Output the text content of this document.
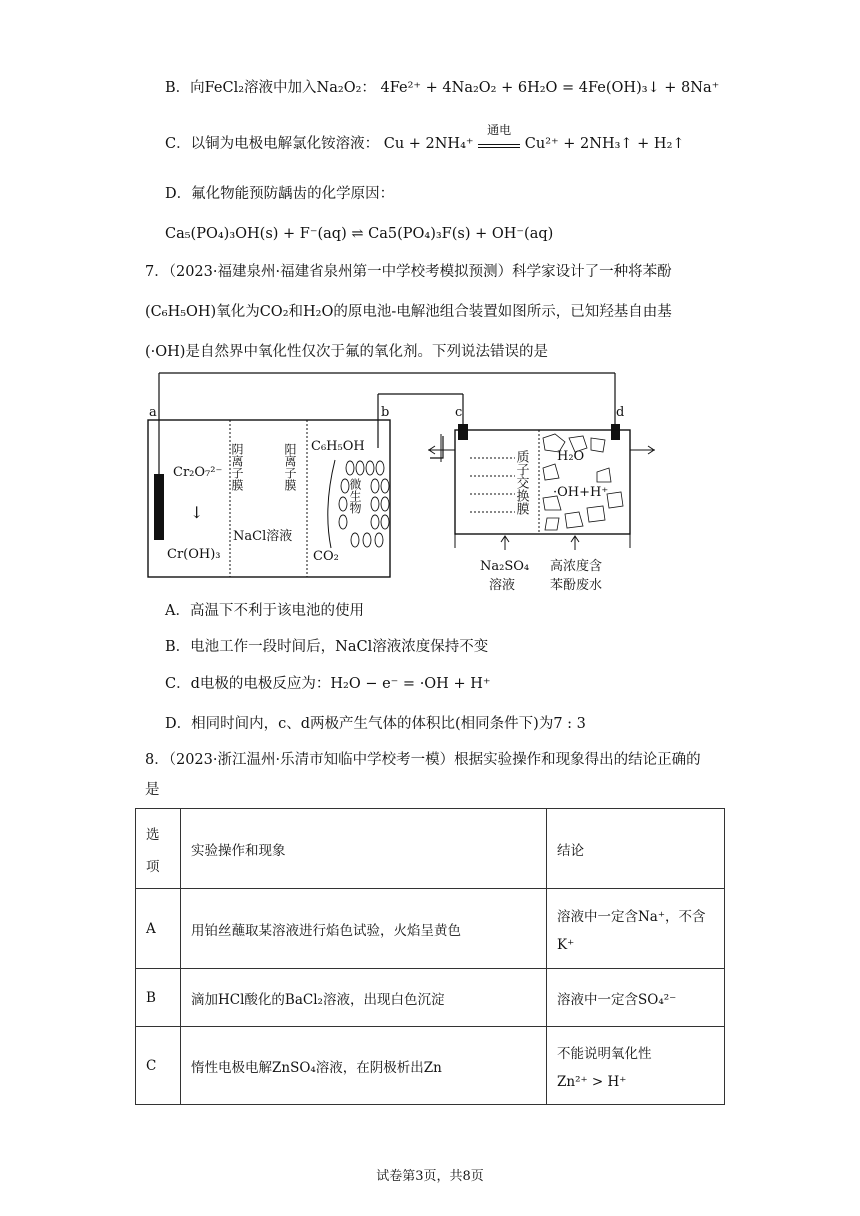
B．向FeCl₂溶液中加入Na₂O₂： 4Fe²⁺ + 4Na₂O₂ + 6H₂O = 4Fe(OH)₃↓ + 8Na⁺
C．以铜为电极电解氯化铵溶液： Cu + 2NH₄⁺
通电
Cu²⁺ + 2NH₃↑ + H₂↑
D．氟化物能预防龋齿的化学原因：
Ca₅(PO₄)₃OH(s) + F⁻(aq) ⇌ Ca5(PO₄)₃F(s) + OH⁻(aq)
7．（2023·福建泉州·福建省泉州第一中学校考模拟预测）科学家设计了一种将苯酚
(C₆H₅OH)氧化为CO₂和H₂O的原电池-电解池组合装置如图所示，已知羟基自由基
(·OH)是自然界中氧化性仅次于氟的氧化剂。下列说法错误的是
a	b
Cr₂O₇²⁻
↓
Cr(OH)₃
阴离子膜	阳离子膜
NaCl溶液
C₆H₅OH
微生物
CO₂
c	d
质子交换膜 H₂O
·OH+H⁺
Na₂SO₄
溶液
高浓度含
苯酚废水
A．高温下不利于该电池的使用
B．电池工作一段时间后，NaCl溶液浓度保持不变
C．d电极的电极反应为：H₂O − e⁻ = ·OH + H⁺
D．相同时间内，c、d两极产生气体的体积比(相同条件下)为7 : 3
8．（2023·浙江温州·乐清市知临中学校考一模）根据实验操作和现象得出的结论正确的
是
选
项	实验操作和现象	结论
A	用铂丝蘸取某溶液进行焰色试验，火焰呈黄色	溶液中一定含Na⁺，不含
K⁺

B	滴加HCl酸化的BaCl₂溶液，出现白色沉淀	溶液中一定含SO₄²⁻

C	惰性电极电解ZnSO₄溶液，在阴极析出Zn	不能说明氧化性
Zn²⁺ > H⁺
试卷第3页，共8页
